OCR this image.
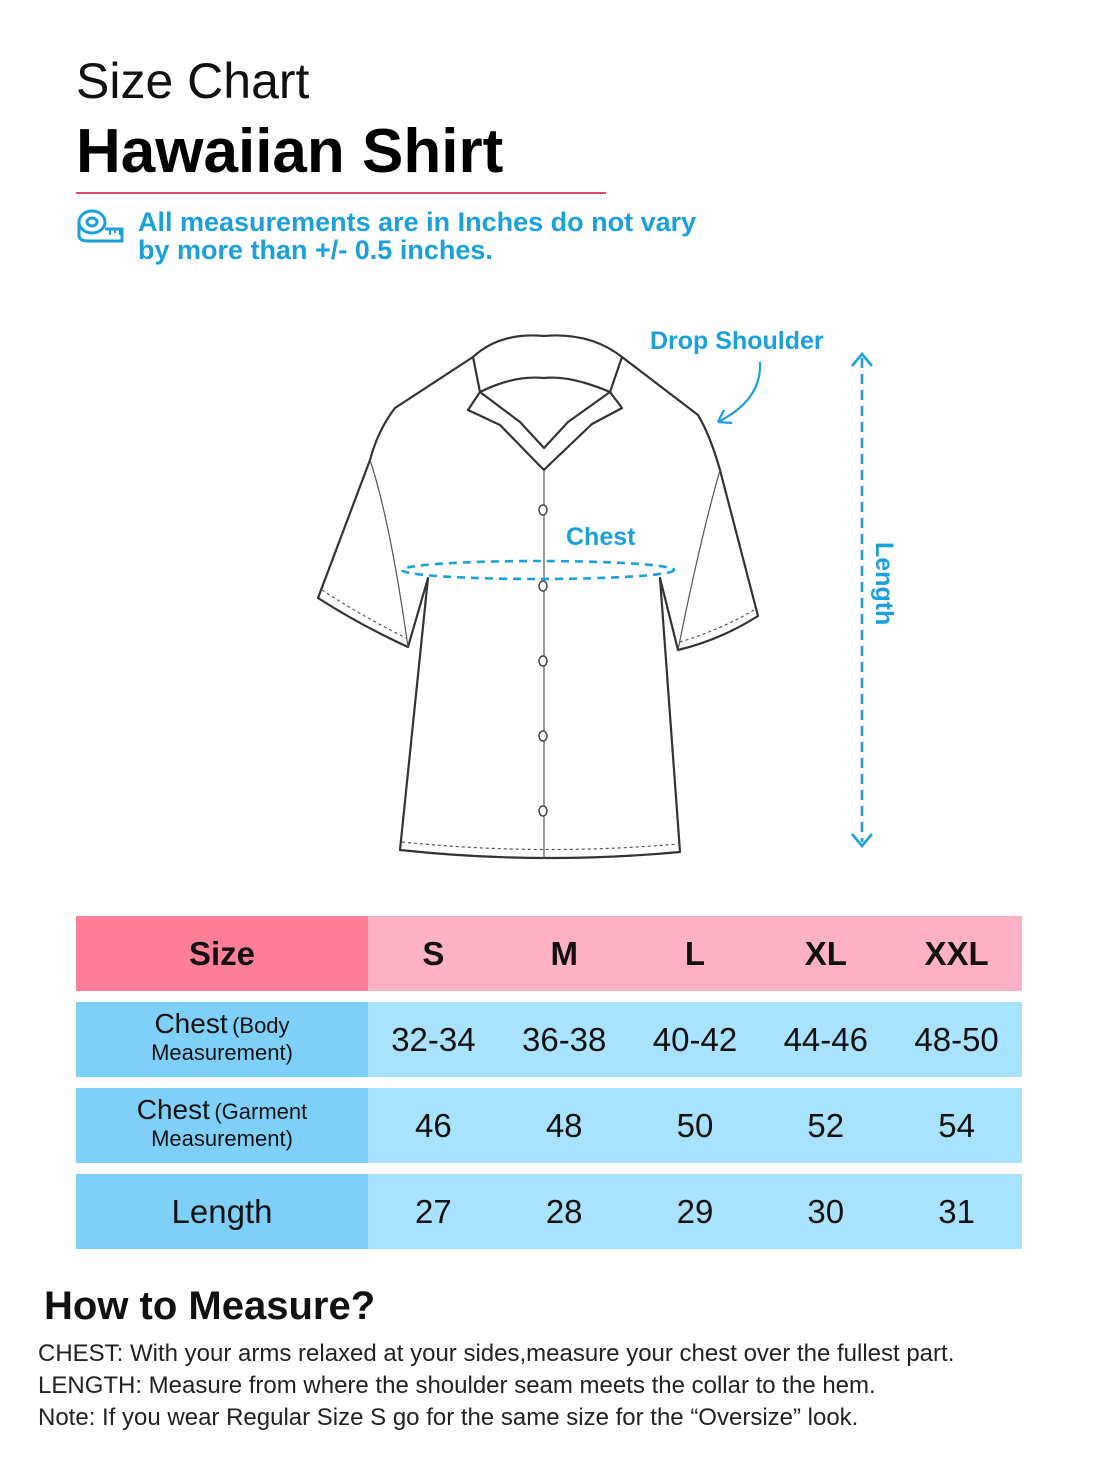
Size Chart
Hawaiian Shirt
All measurements are in Inches do not vary
by more than +/- 0.5 inches.
Chest
Drop Shoulder
Length
Size	S	M	L	XL	XXL
Chest (Body
Measurement)	32-34	36-38	40-42	44-46	48-50
Chest (Garment
Measurement)	46	48	50	52	54
Length	27	28	29	30	31
How to Measure?
CHEST: With your arms relaxed at your sides,measure your chest over the fullest part.
LENGTH: Measure from where the shoulder seam meets the collar to the hem.
Note: If you wear Regular Size S go for the same size for the “Oversize” look.
